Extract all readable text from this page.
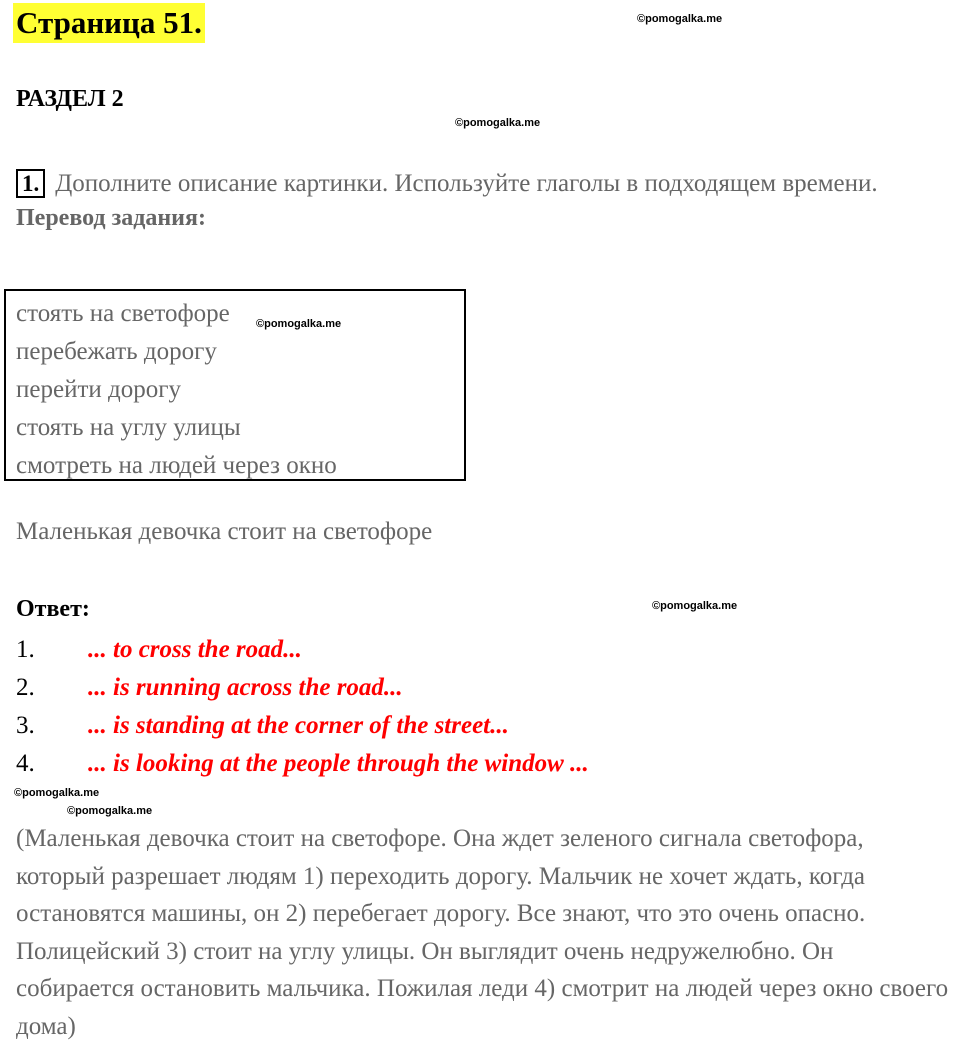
Страница 51.	©pomogalka.me
РАЗДЕЛ 2
©pomogalka.me
1. Дополните описание картинки. Используйте глаголы в подходящем времени.
Перевод задания:
стоять на светофоре
перебежать дорогу
перейти дорогу
стоять на углу улицы
смотреть на людей через окно
©pomogalka.me
Маленькая девочка стоит на светофоре
Ответ:	©pomogalka.me
1. ... to cross the road...
2. ... is running across the road...
3. ... is standing at the corner of the street...
4. ... is looking at the people through the window ...
©pomogalka.me
©pomogalka.me
(Маленькая девочка стоит на светофоре. Она ждет зеленого сигнала светофора, который разрешает людям 1) переходить дорогу. Мальчик не хочет ждать, когда остановятся машины, он 2) перебегает дорогу. Все знают, что это очень опасно. Полицейский 3) стоит на углу улицы. Он выглядит очень недружелюбно. Он собирается остановить мальчика. Пожилая леди 4) смотрит на людей через окно своего дома)
